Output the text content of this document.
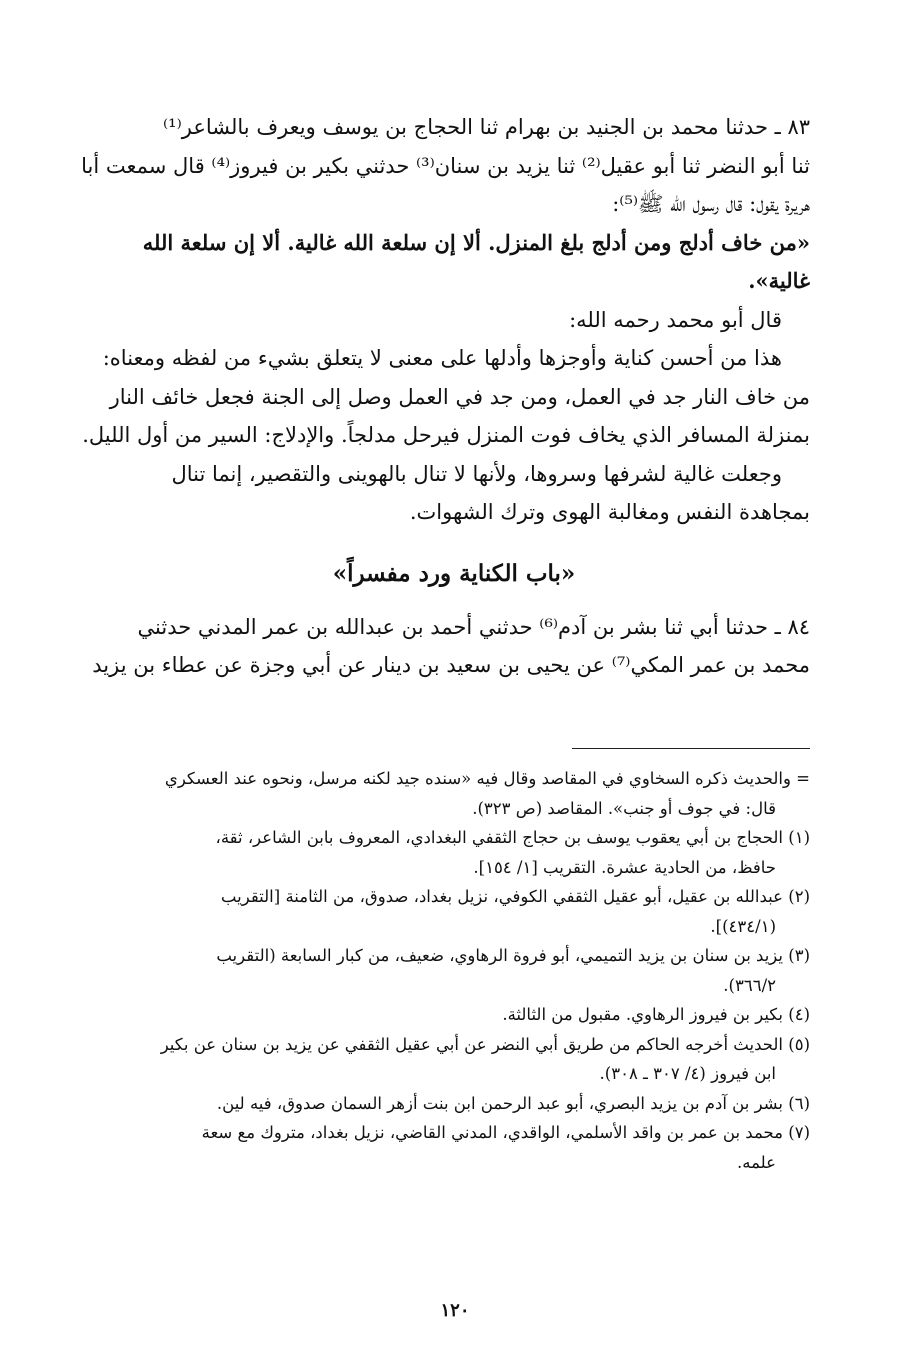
٨٣ ـ حدثنا محمد بن الجنيد بن بهرام ثنا الحجاج بن يوسف ويعرف بالشاعر⁽¹⁾

ثنا أبو النضر ثنا أبو عقيل⁽²⁾ ثنا يزيد بن سنان⁽³⁾ حدثني بكير بن فيروز⁽⁴⁾ قال سمعت أبا

هريرة يقول: قال رسول الله ﷺ⁽⁵⁾:

«من خاف أدلج ومن أدلج بلغ المنزل. ألا إن سلعة الله غالية. ألا إن سلعة الله

غالية».

قال أبو محمد رحمه الله:

هذا من أحسن كناية وأوجزها وأدلها على معنى لا يتعلق بشيء من لفظه ومعناه:

من خاف النار جد في العمل، ومن جد في العمل وصل إلى الجنة فجعل خائف النار

بمنزلة المسافر الذي يخاف فوت المنزل فيرحل مدلجاً. والإدلاج: السير من أول الليل.

وجعلت غالية لشرفها وسروها، ولأنها لا تنال بالهوينى والتقصير، إنما تنال

بمجاهدة النفس ومغالبة الهوى وترك الشهوات.

«باب الكناية ورد مفسراً»

٨٤ ـ حدثنا أبي ثنا بشر بن آدم⁽⁶⁾ حدثني أحمد بن عبدالله بن عمر المدني حدثني

محمد بن عمر المكي⁽⁷⁾ عن يحيى بن سعيد بن دينار عن أبي وجزة عن عطاء بن يزيد

= والحديث ذكره السخاوي في المقاصد وقال فيه «سنده جيد لكنه مرسل، ونحوه عند العسكري

قال: في جوف أو جنب». المقاصد (ص ٣٢٣).

(١) الحجاج بن أبي يعقوب يوسف بن حجاج الثقفي البغدادي، المعروف بابن الشاعر، ثقة،

حافظ، من الحادية عشرة. التقريب [١/ ١٥٤].

(٢) عبدالله بن عقيل، أبو عقيل الثقفي الكوفي، نزيل بغداد، صدوق، من الثامنة [التقريب

(٤٣٤/١)].

(٣) يزيد بن سنان بن يزيد التميمي، أبو فروة الرهاوي، ضعيف، من كبار السابعة (التقريب

٣٦٦/٢).

(٤) بكير بن فيروز الرهاوي. مقبول من الثالثة.

(٥) الحديث أخرجه الحاكم من طريق أبي النضر عن أبي عقيل الثقفي عن يزيد بن سنان عن بكير

ابن فيروز (٤/ ٣٠٧ ـ ٣٠٨).

(٦) بشر بن آدم بن يزيد البصري، أبو عبد الرحمن ابن بنت أزهر السمان صدوق، فيه لين.

(٧) محمد بن عمر بن واقد الأسلمي، الواقدي، المدني القاضي، نزيل بغداد، متروك مع سعة

علمه.

١٢٠
